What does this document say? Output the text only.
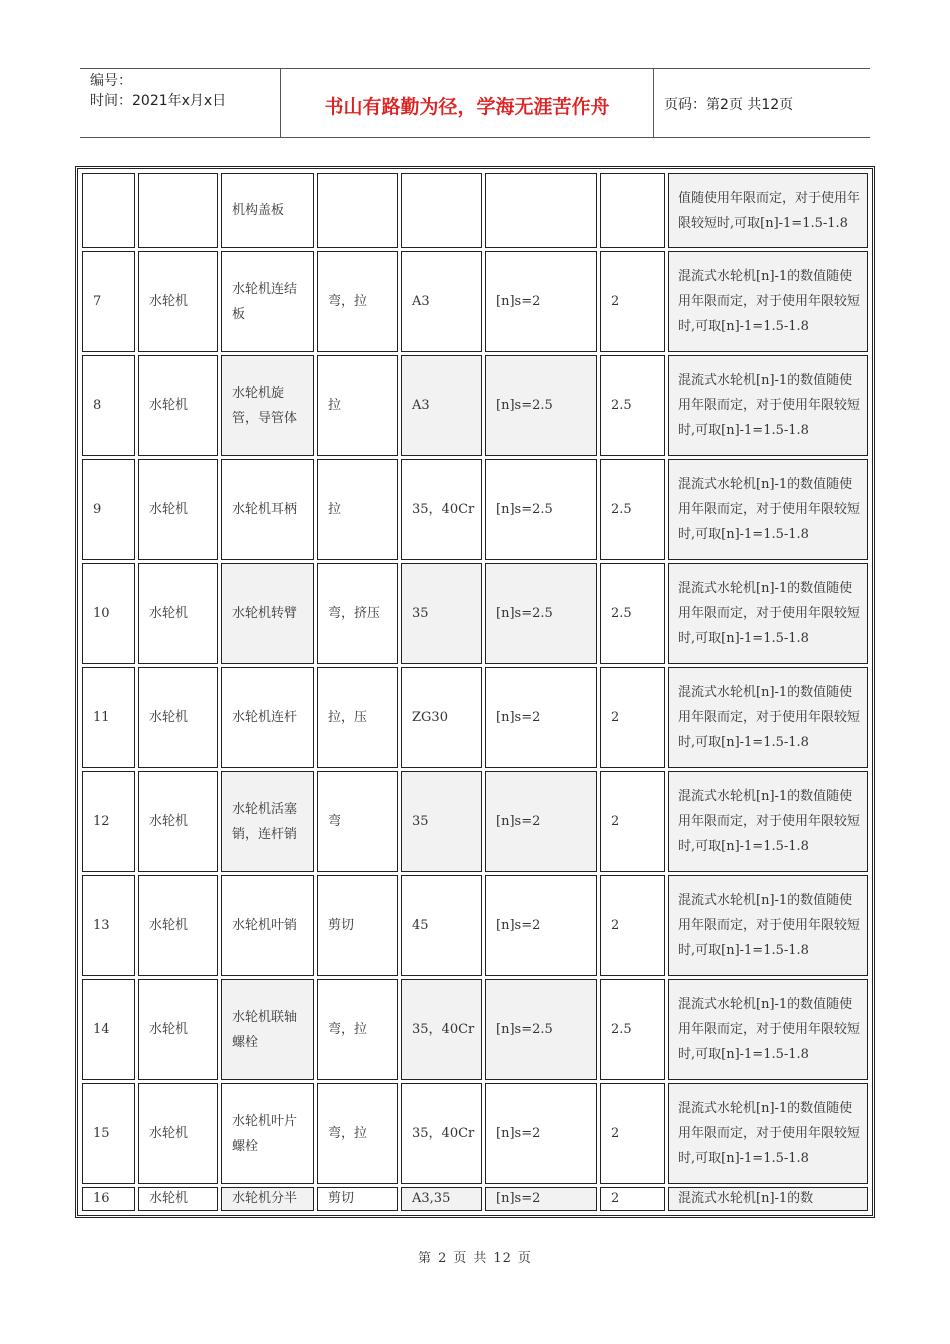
编号：
时间：2021年x月x日	书山有路勤为径，学海无涯苦作舟	页码：第2页 共12页
		机构盖板					值随使用年限而定，对于使用年限较短时,可取[n]-1=1.5-1.8
7	水轮机	水轮机连结板	弯，拉	A3	[n]s=2	2	混流式水轮机[n]-1的数值随使用年限而定，对于使用年限较短时,可取[n]-1=1.5-1.8
8	水轮机	水轮机旋管，导管体	拉	A3	[n]s=2.5	2.5	混流式水轮机[n]-1的数值随使用年限而定，对于使用年限较短时,可取[n]-1=1.5-1.8
9	水轮机	水轮机耳柄	拉	35，40Cr	[n]s=2.5	2.5	混流式水轮机[n]-1的数值随使用年限而定，对于使用年限较短时,可取[n]-1=1.5-1.8
10	水轮机	水轮机转臂	弯，挤压	35	[n]s=2.5	2.5	混流式水轮机[n]-1的数值随使用年限而定，对于使用年限较短时,可取[n]-1=1.5-1.8
11	水轮机	水轮机连杆	拉，压	ZG30	[n]s=2	2	混流式水轮机[n]-1的数值随使用年限而定，对于使用年限较短时,可取[n]-1=1.5-1.8
12	水轮机	水轮机活塞销，连杆销	弯	35	[n]s=2	2	混流式水轮机[n]-1的数值随使用年限而定，对于使用年限较短时,可取[n]-1=1.5-1.8
13	水轮机	水轮机叶销	剪切	45	[n]s=2	2	混流式水轮机[n]-1的数值随使用年限而定，对于使用年限较短时,可取[n]-1=1.5-1.8
14	水轮机	水轮机联轴螺栓	弯，拉	35，40Cr	[n]s=2.5	2.5	混流式水轮机[n]-1的数值随使用年限而定，对于使用年限较短时,可取[n]-1=1.5-1.8
15	水轮机	水轮机叶片螺栓	弯，拉	35，40Cr	[n]s=2	2	混流式水轮机[n]-1的数值随使用年限而定，对于使用年限较短时,可取[n]-1=1.5-1.8
16	水轮机	水轮机分半	剪切	A3,35	[n]s=2	2	混流式水轮机[n]-1的数
第 2 页 共 12 页
